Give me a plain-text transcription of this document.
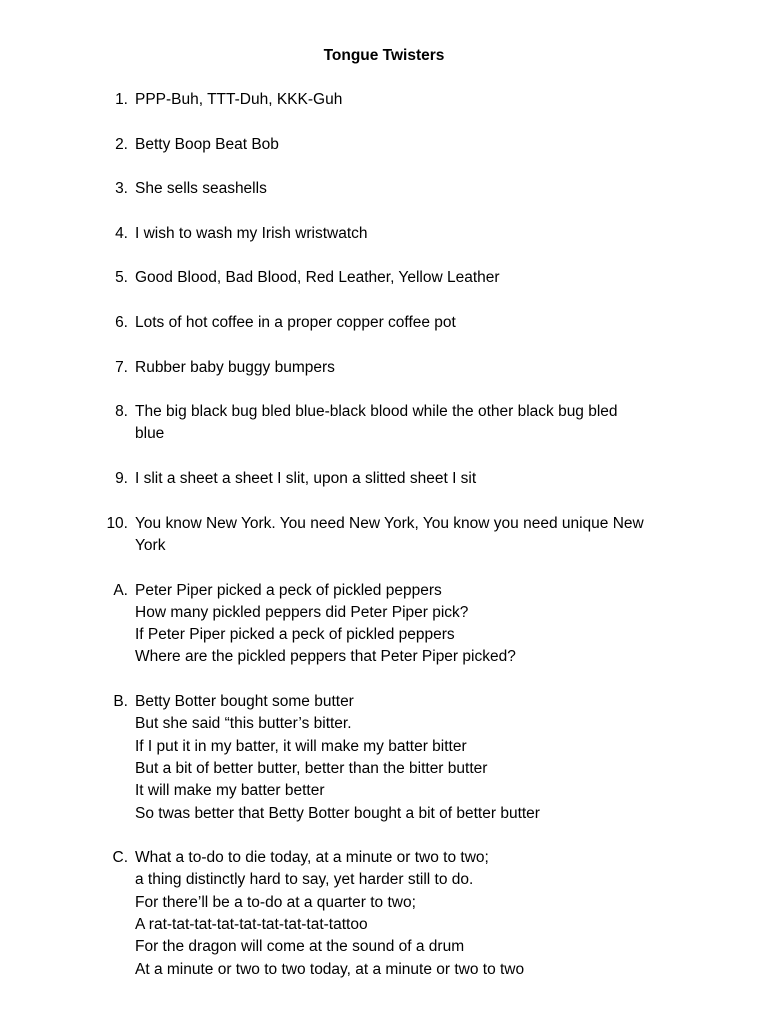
Tongue Twisters
1. PPP-Buh, TTT-Duh, KKK-Guh
2. Betty Boop Beat Bob
3. She sells seashells
4. I wish to wash my Irish wristwatch
5. Good Blood, Bad Blood, Red Leather, Yellow Leather
6. Lots of hot coffee in a proper copper coffee pot
7. Rubber baby buggy bumpers
8. The big black bug bled blue-black blood while the other black bug bled
blue
9. I slit a sheet a sheet I slit, upon a slitted sheet I sit
10. You know New York. You need New York, You know you need unique New
York
A. Peter Piper picked a peck of pickled peppers
How many pickled peppers did Peter Piper pick?
If Peter Piper picked a peck of pickled peppers
Where are the pickled peppers that Peter Piper picked?
B. Betty Botter bought some butter
But she said “this butter’s bitter.
If I put it in my batter, it will make my batter bitter
But a bit of better butter, better than the bitter butter
It will make my batter better
So twas better that Betty Botter bought a bit of better butter
C. What a to-do to die today, at a minute or two to two;
a thing distinctly hard to say, yet harder still to do.
For there’ll be a to-do at a quarter to two;
A rat-tat-tat-tat-tat-tat-tat-tat-tattoo
For the dragon will come at the sound of a drum
At a minute or two to two today, at a minute or two to two
